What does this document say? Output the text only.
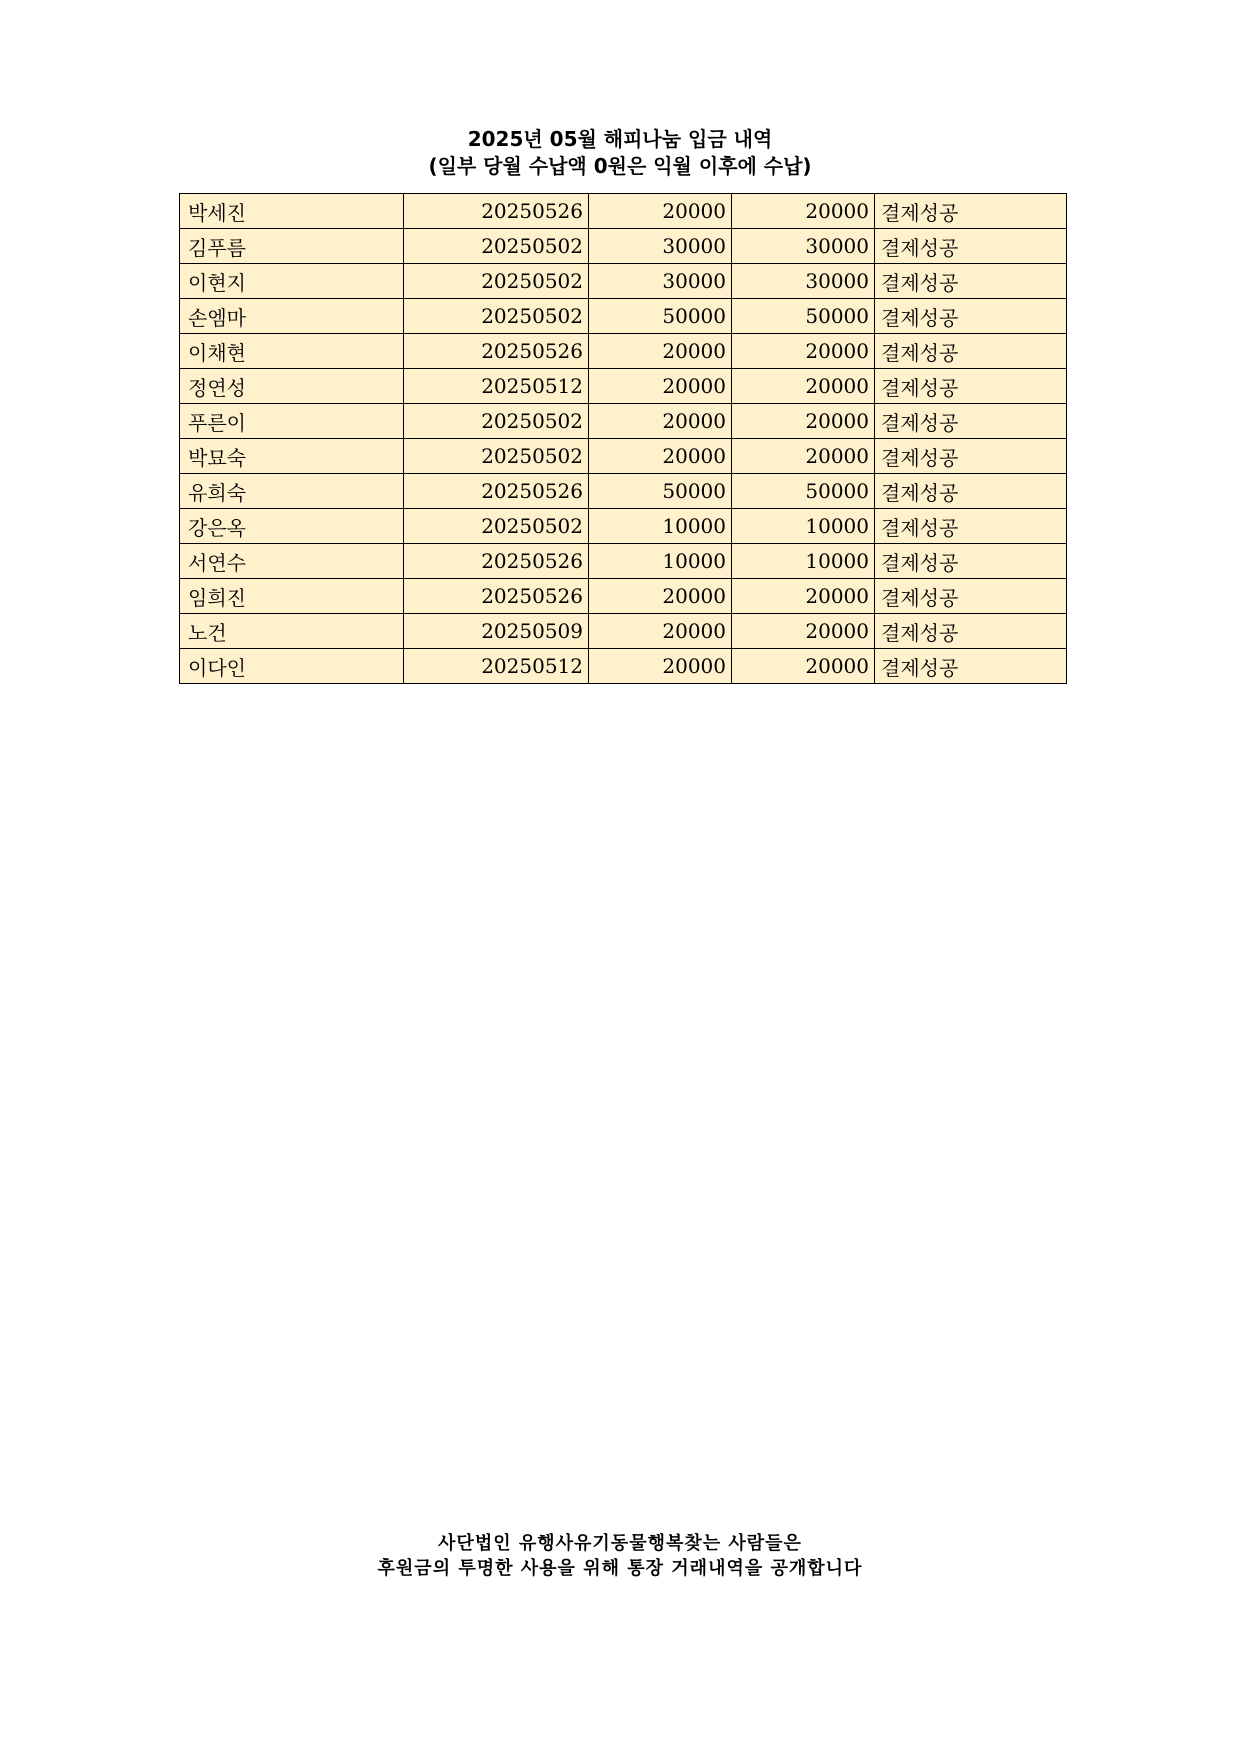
2025년 05월 해피나눔 입금 내역
(일부 당월 수납액 0원은 익월 이후에 수납)
박세진	20250526	20000	20000	결제성공
김푸름	20250502	30000	30000	결제성공
이현지	20250502	30000	30000	결제성공
손엠마	20250502	50000	50000	결제성공
이채현	20250526	20000	20000	결제성공
정연성	20250512	20000	20000	결제성공
푸른이	20250502	20000	20000	결제성공
박묘숙	20250502	20000	20000	결제성공
유희숙	20250526	50000	50000	결제성공
강은옥	20250502	10000	10000	결제성공
서연수	20250526	10000	10000	결제성공
임희진	20250526	20000	20000	결제성공
노건	20250509	20000	20000	결제성공
이다인	20250512	20000	20000	결제성공
사단법인 유행사유기동물행복찾는 사람들은
후원금의 투명한 사용을 위해 통장 거래내역을 공개합니다
